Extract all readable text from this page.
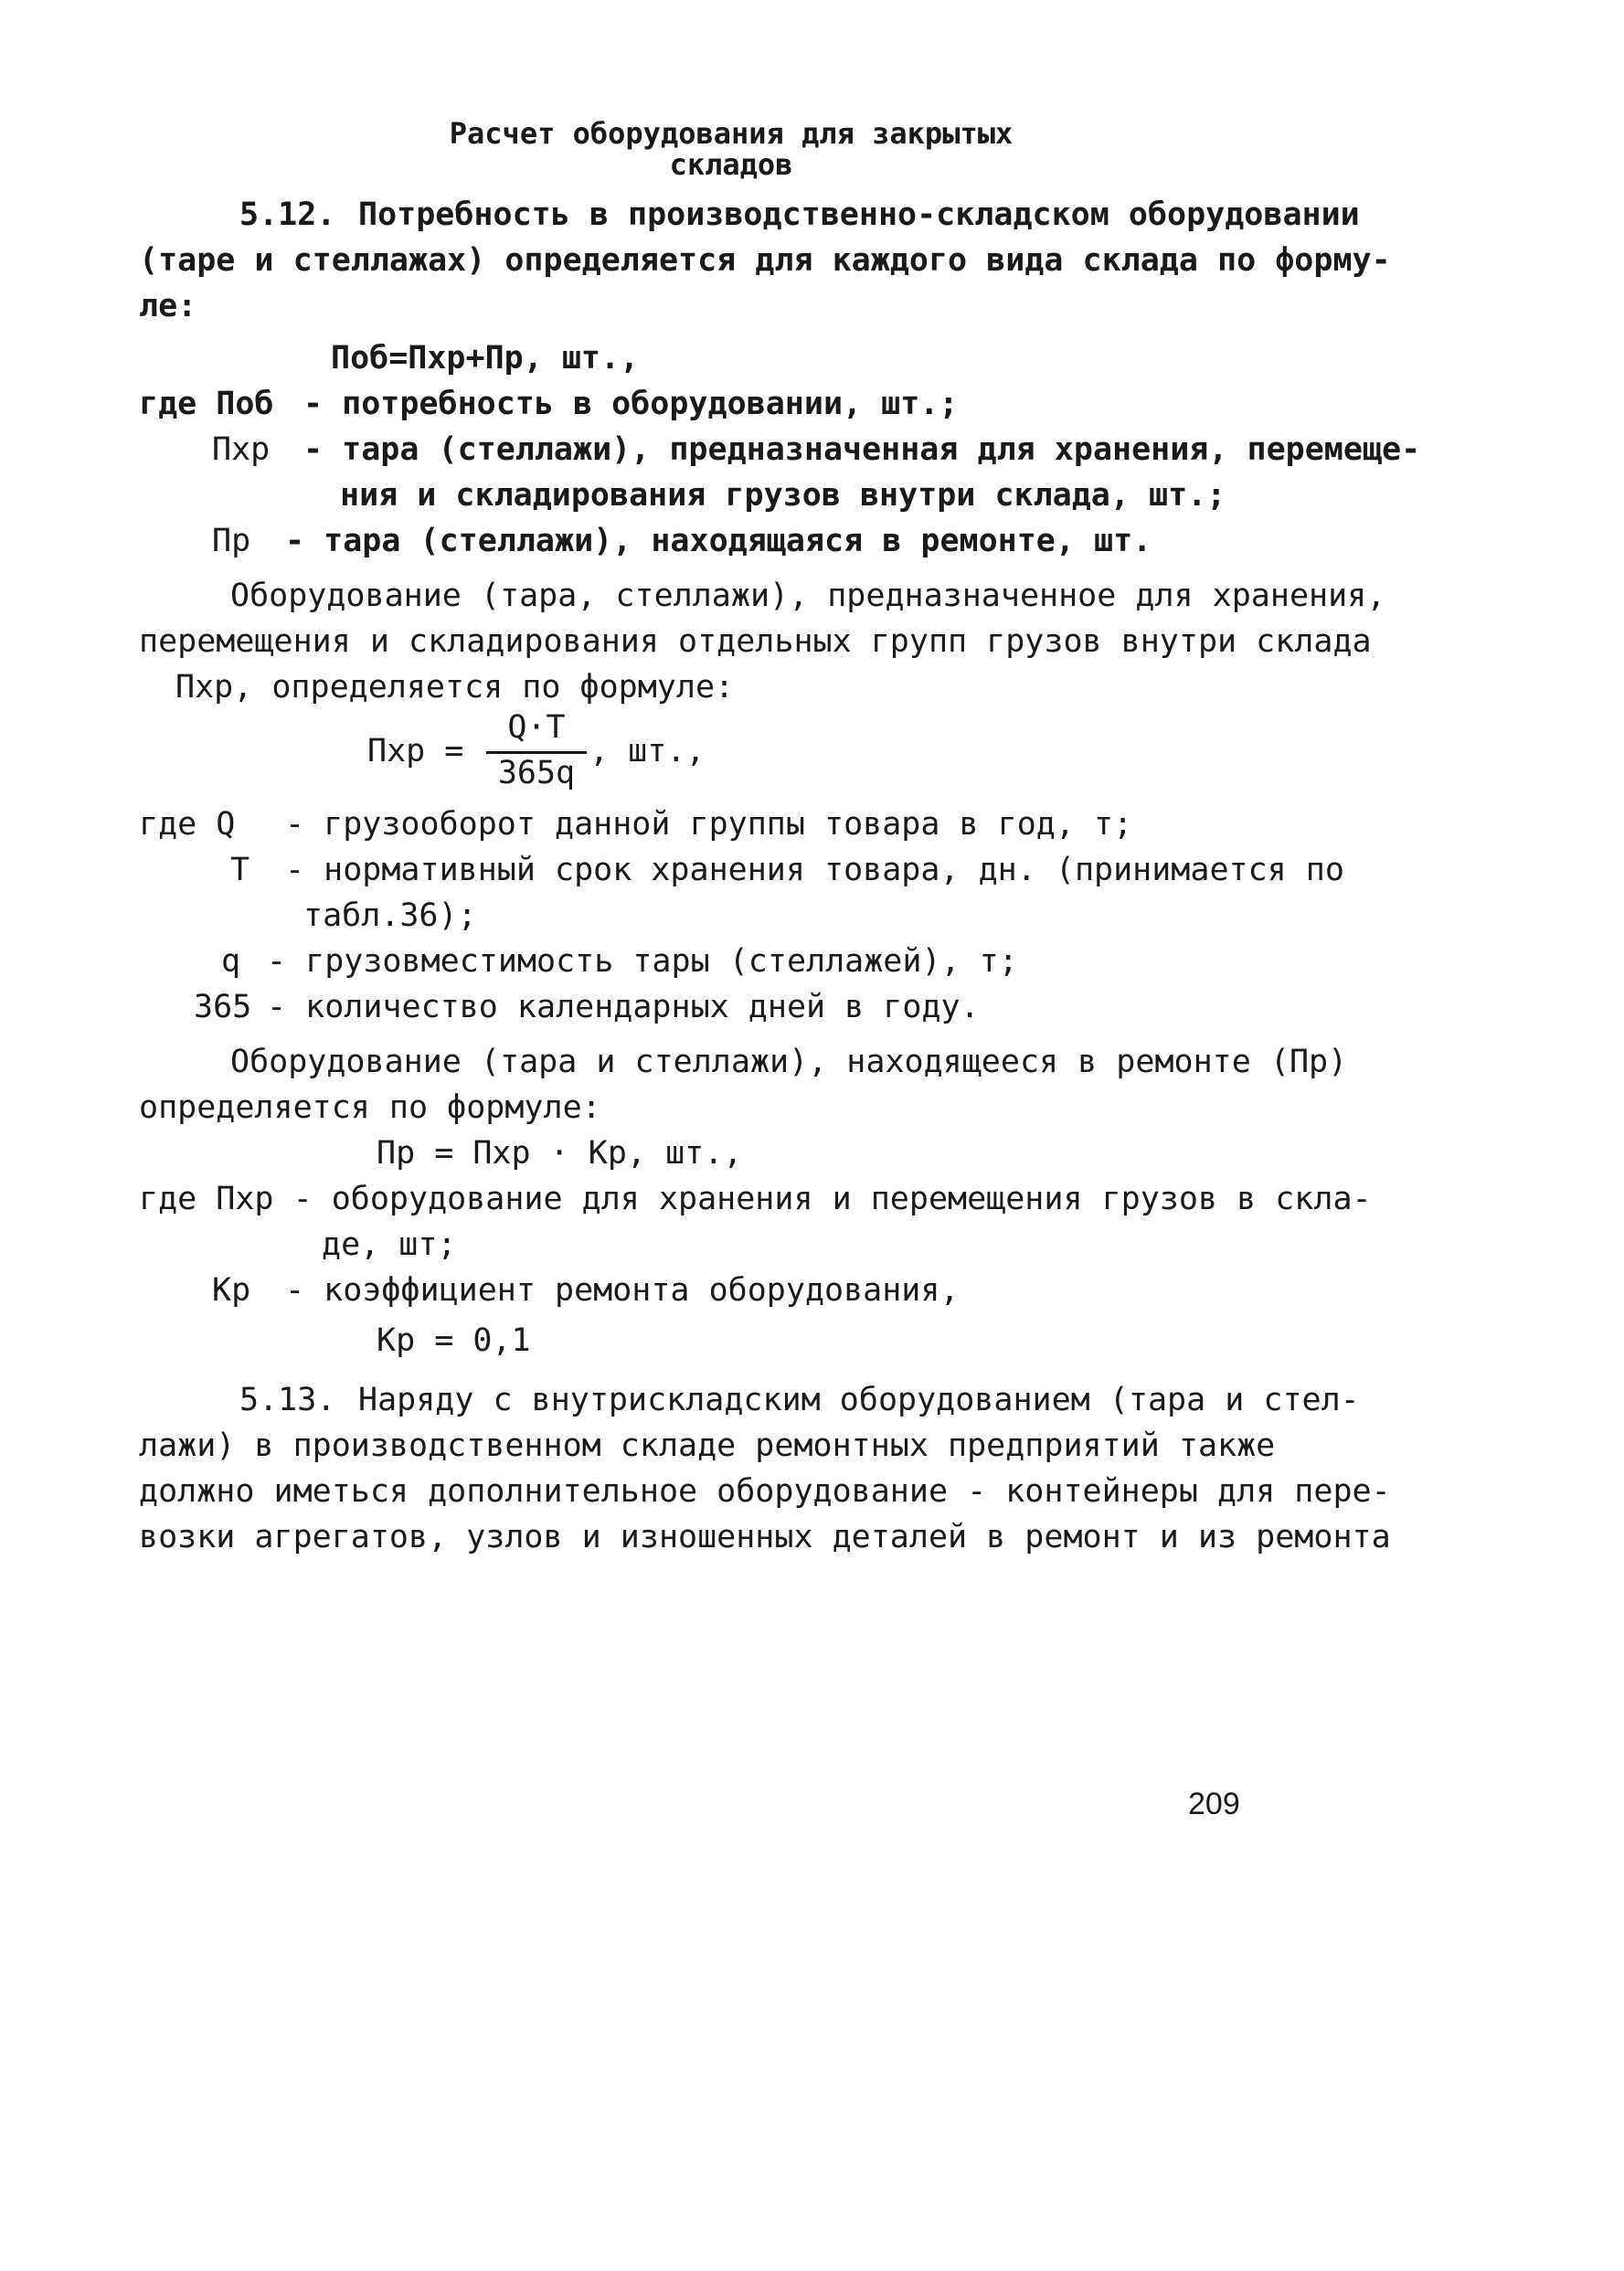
Расчет оборудования для закрытых
складов
5.12. Потребность в производственно-складском оборудовании
(таре и стеллажах) определяется для каждого вида склада по форму-
ле:
Поб=Пхр+Пр, шт.,
где Поб - потребность в оборудовании, шт.;
Пхр - тара (стеллажи), предназначенная для хранения, перемеще-
ния и складирования грузов внутри склада, шт.;
Пр - тара (стеллажи), находящаяся в ремонте, шт.
Оборудование (тара, стеллажи), предназначенное для хранения,
перемещения и складирования отдельных групп грузов внутри склада
Пхр, определяется по формуле:
Пхр =
Q·T
365q
, шт.,
где Q - грузооборот данной группы товара в год, т;
T - нормативный срок хранения товара, дн. (принимается по
табл.36);
q - грузовместимость тары (стеллажей), т;
365 - количество календарных дней в году.
Оборудование (тара и стеллажи), находящееся в ремонте (Пр)
определяется по формуле:
Пр = Пхр · Кр, шт.,
где Пхр - оборудование для хранения и перемещения грузов в скла-
де, шт;
Кр - коэффициент ремонта оборудования,
Кр = 0,1
5.13. Наряду с внутрискладским оборудованием (тара и стел-
лажи) в производственном складе ремонтных предприятий также
должно иметься дополнительное оборудование - контейнеры для пере-
возки агрегатов, узлов и изношенных деталей в ремонт и из ремонта
209
